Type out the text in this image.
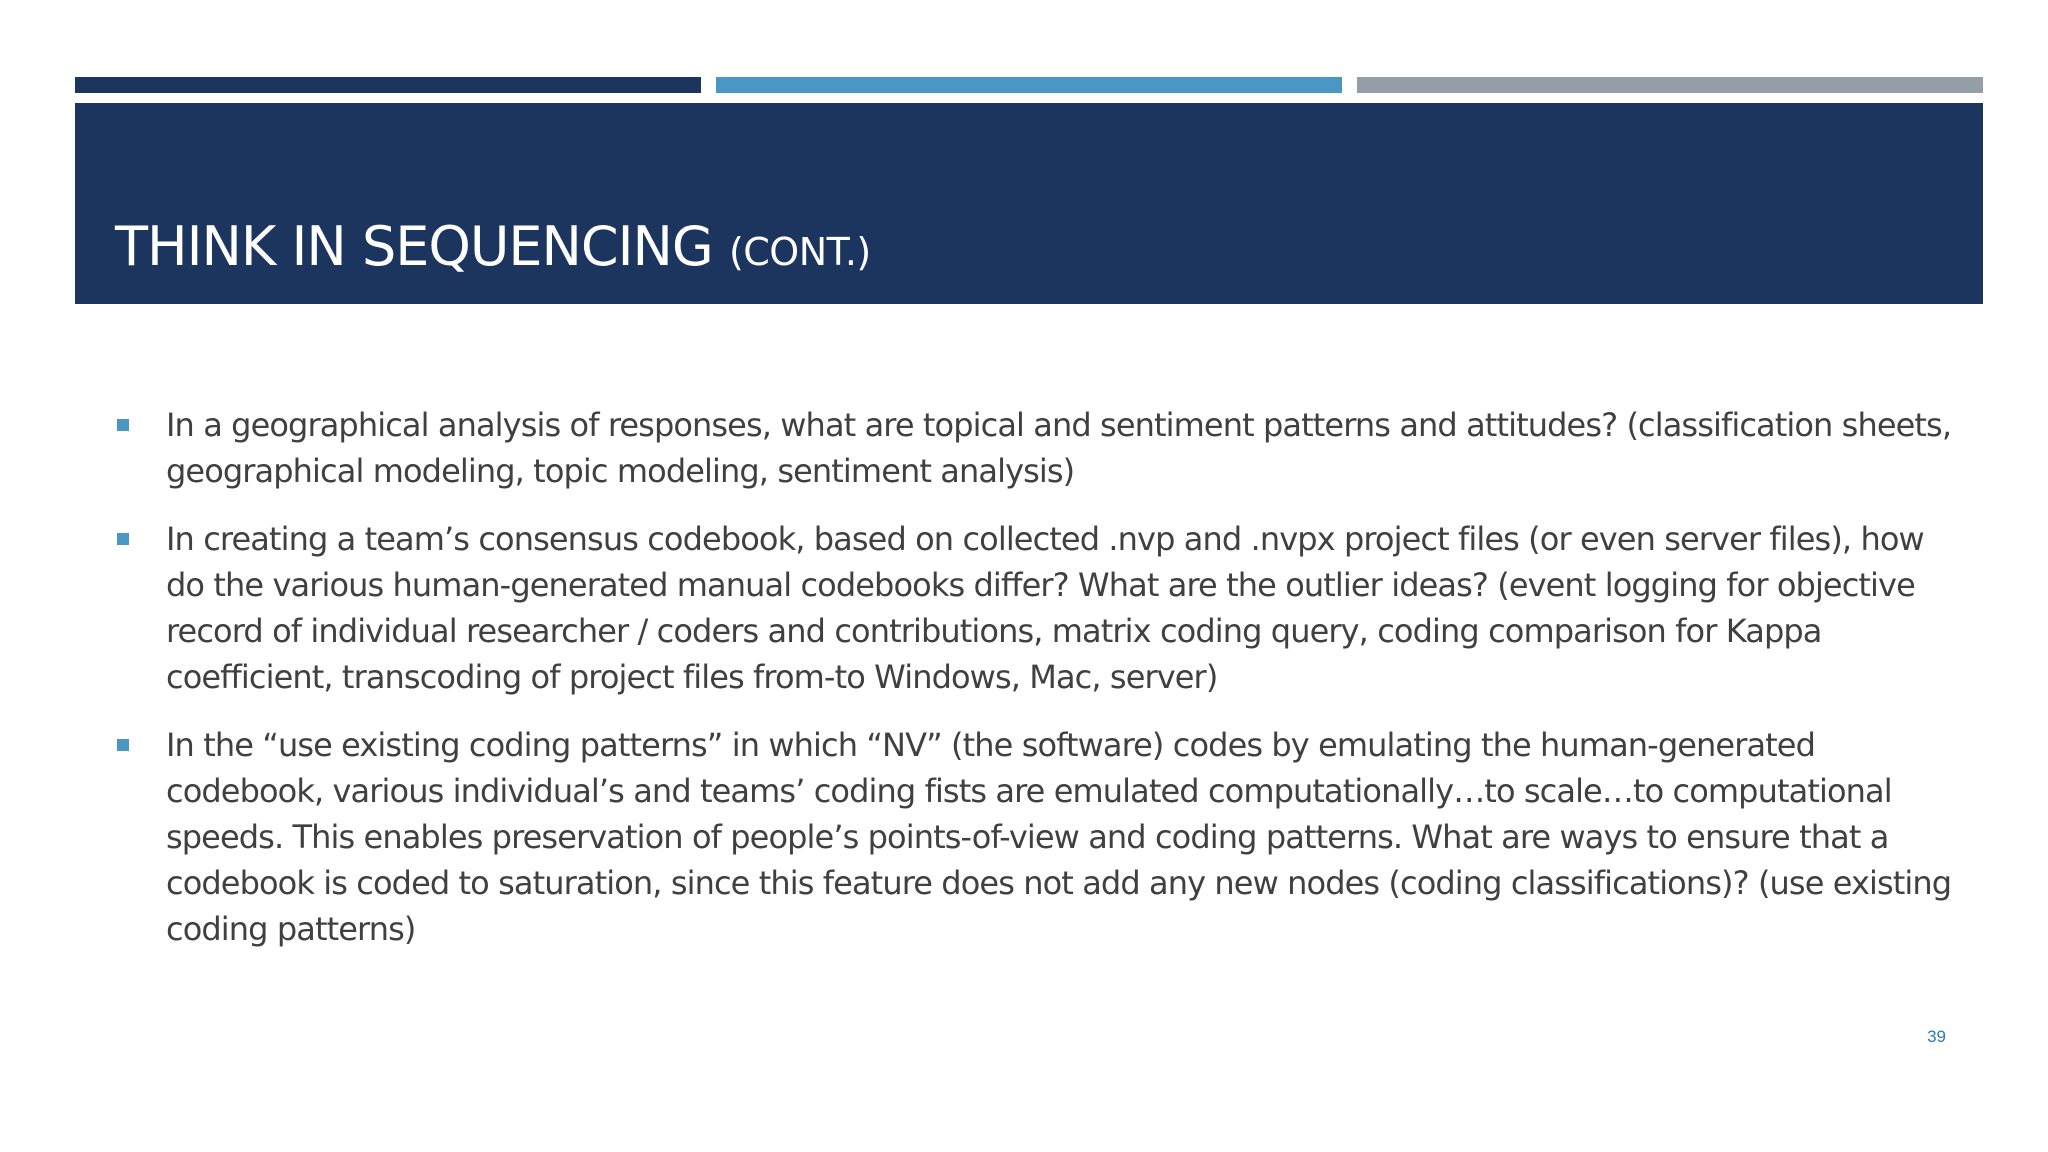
THINK IN SEQUENCING (CONT.)
In a geographical analysis of responses, what are topical and sentiment patterns and attitudes? (classification sheets, geographical modeling, topic modeling, sentiment analysis)
In creating a team’s consensus codebook, based on collected .nvp and .nvpx project files (or even server files), how do the various human-generated manual codebooks differ? What are the outlier ideas? (event logging for objective record of individual researcher / coders and contributions, matrix coding query, coding comparison for Kappa coefficient, transcoding of project files from-to Windows, Mac, server)
In the “use existing coding patterns” in which “NV” (the software) codes by emulating the human-generated codebook, various individual’s and teams’ coding fists are emulated computationally…to scale…to computational speeds. This enables preservation of people’s points-of-view and coding patterns. What are ways to ensure that a codebook is coded to saturation, since this feature does not add any new nodes (coding classifications)? (use existing coding patterns)
39
